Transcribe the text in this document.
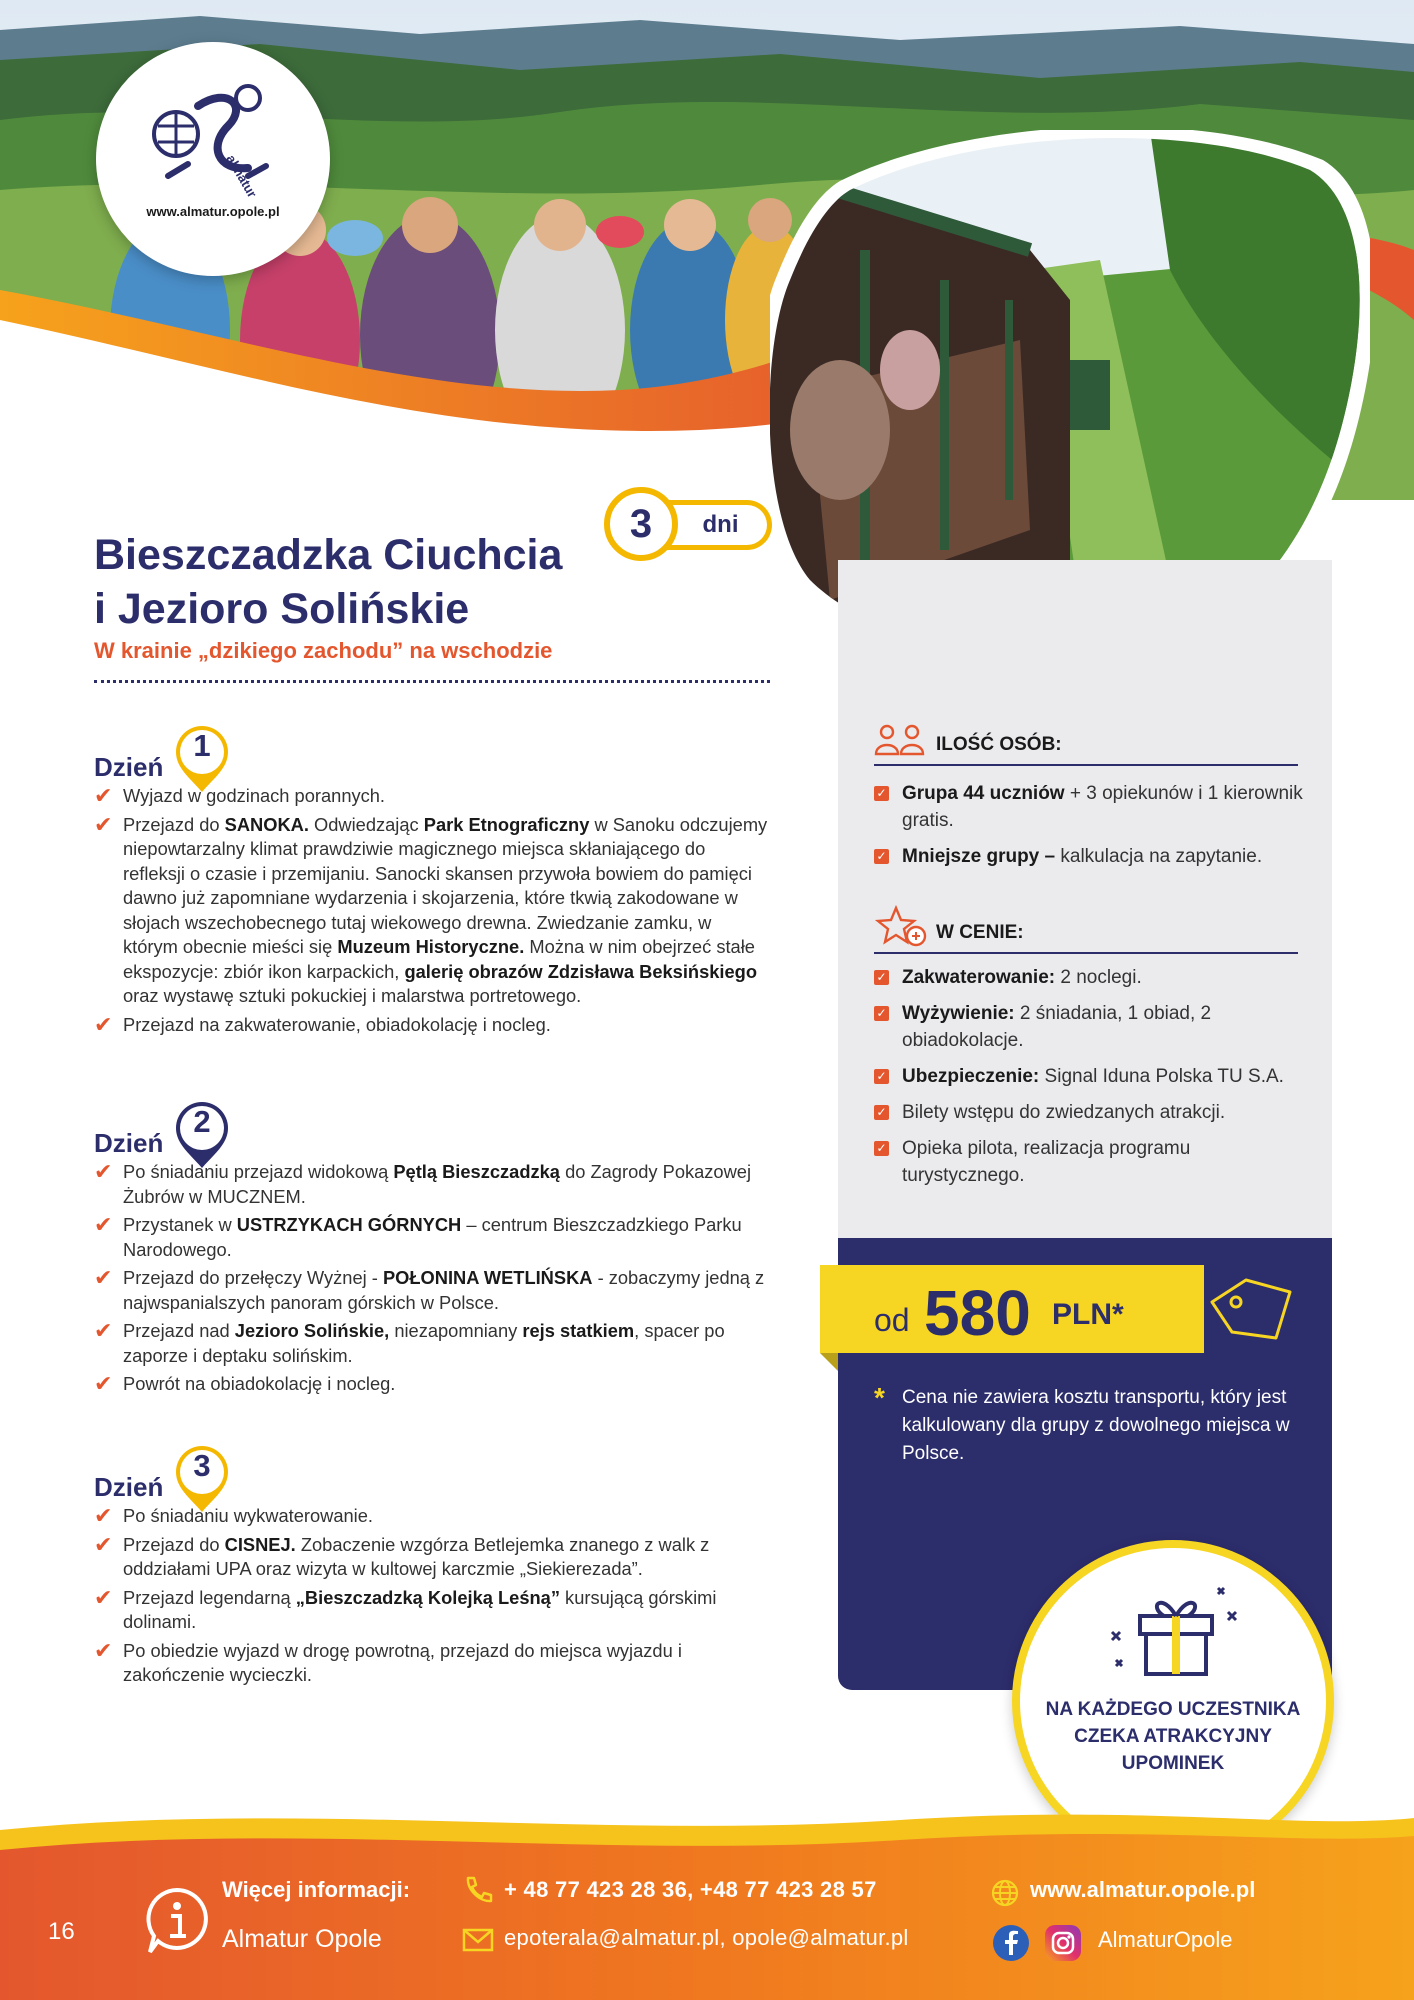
almatur
www.almatur.opole.pl
dni
3
Bieszczadzka Ciuchcia
i Jezioro Solińskie
W krainie „dzikiego zachodu” na wschodzie
Dzień
1
✔ Wyjazd w godzinach porannych.
✔ Przejazd do SANOKA. Odwiedzając Park Etnograficzny w Sanoku odczujemy niepowtarzalny klimat prawdziwie magicznego miejsca skłaniającego do refleksji o czasie i przemijaniu. Sanocki skansen przywoła bowiem do pamięci dawno już zapomniane wydarzenia i skojarzenia, które tkwią zakodowane w słojach wszechobecnego tutaj wiekowego drewna. Zwiedzanie zamku, w którym obecnie mieści się Muzeum Historyczne. Można w nim obejrzeć stałe ekspozycje: zbiór ikon karpackich, galerię obrazów Zdzisława Beksińskiego oraz wystawę sztuki pokuckiej i malarstwa portretowego.
✔ Przejazd na zakwaterowanie, obiadokolację i nocleg.
Dzień
2
✔ Po śniadaniu przejazd widokową Pętlą Bieszczadzką do Zagrody Pokazowej Żubrów w MUCZNEM.
✔ Przystanek w USTRZYKACH GÓRNYCH – centrum Bieszczadzkiego Parku Narodowego.
✔ Przejazd do przełęczy Wyżnej - POŁONINA WETLIŃSKA - zobaczymy jedną z najwspanialszych panoram górskich w Polsce.
✔ Przejazd nad Jezioro Solińskie, niezapomniany rejs statkiem, spacer po zaporze i deptaku solińskim.
✔ Powrót na obiadokolację i nocleg.
Dzień
3
✔ Po śniadaniu wykwaterowanie.
✔ Przejazd do CISNEJ. Zobaczenie wzgórza Betlejemka znanego z walk z oddziałami UPA oraz wizyta w kultowej karczmie „Siekierezada”.
✔ Przejazd legendarną „Bieszczadzką Kolejką Leśną” kursującą górskimi dolinami.
✔ Po obiedzie wyjazd w drogę powrotną, przejazd do miejsca wyjazdu i zakończenie wycieczki.
ILOŚĆ OSÓB:
✓ Grupa 44 uczniów + 3 opiekunów i 1 kierownik gratis.
✓ Mniejsze grupy – kalkulacja na zapytanie.
W CENIE:
✓ Zakwaterowanie: 2 noclegi.
✓ Wyżywienie: 2 śniadania, 1 obiad, 2 obiadokolacje.
✓ Ubezpieczenie: Signal Iduna Polska TU S.A.
✓ Bilety wstępu do zwiedzanych atrakcji.
✓ Opieka pilota, realizacja programu turystycznego.
od 580 PLN*
* Cena nie zawiera kosztu transportu, który jest kalkulowany dla grupy z dowolnego miejsca w Polsce.
NA KAŻDEGO UCZESTNIKA CZEKA ATRAKCYJNY UPOMINEK
16
Więcej informacji:
Almatur Opole
+ 48 77 423 28 36, +48 77 423 28 57
epoterala@almatur.pl, opole@almatur.pl
www.almatur.opole.pl
AlmaturOpole
